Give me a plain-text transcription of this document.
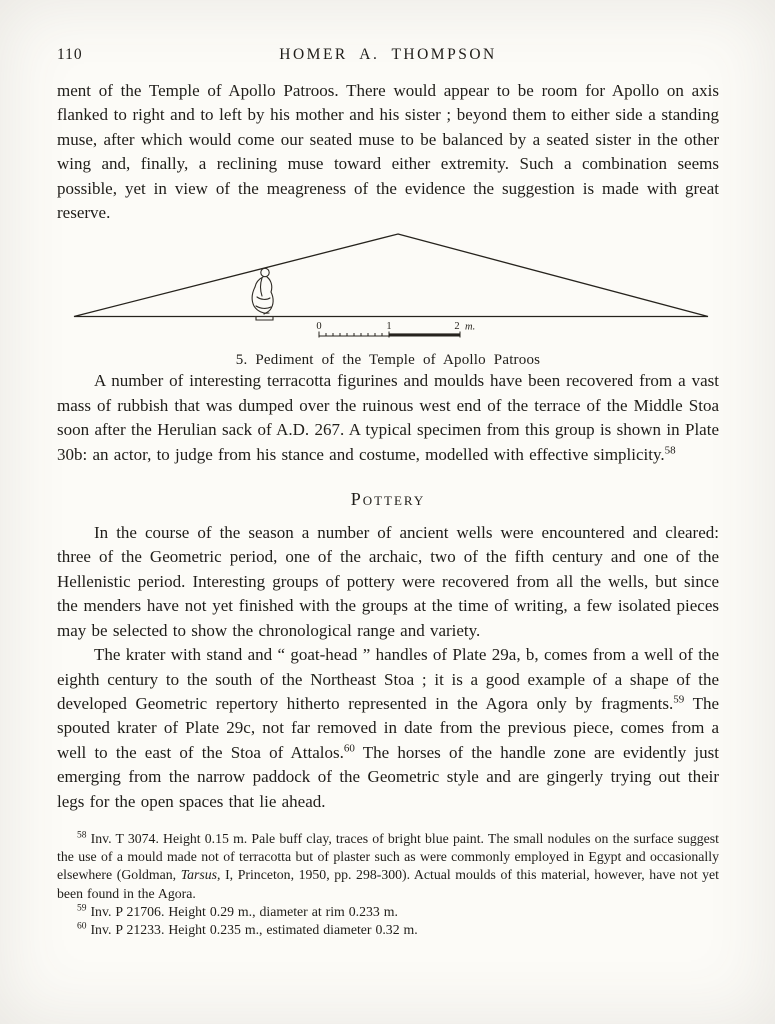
110	HOMER A. THOMPSON

ment of the Temple of Apollo Patroos. There would appear to be room for Apollo on axis flanked to right and to left by his mother and his sister ; beyond them to either side a standing muse, after which would come our seated muse to be balanced by a seated sister in the other wing and, finally, a reclining muse toward either extremity. Such a combination seems possible, yet in view of the meagreness of the evidence the suggestion is made with great reserve.

0	1	2 m.
5. Pediment of the Temple of Apollo Patroos

A number of interesting terracotta figurines and moulds have been recovered from a vast mass of rubbish that was dumped over the ruinous west end of the terrace of the Middle Stoa soon after the Herulian sack of A.D. 267. A typical specimen from this group is shown in Plate 30b: an actor, to judge from his stance and costume, modelled with effective simplicity.$^{58}$

Pottery

In the course of the season a number of ancient wells were encountered and cleared: three of the Geometric period, one of the archaic, two of the fifth century and one of the Hellenistic period. Interesting groups of pottery were recovered from all the wells, but since the menders have not yet finished with the groups at the time of writing, a few isolated pieces may be selected to show the chronological range and variety.

The krater with stand and “ goat-head ” handles of Plate 29a, b, comes from a well of the eighth century to the south of the Northeast Stoa ; it is a good example of a shape of the developed Geometric repertory hitherto represented in the Agora only by fragments.$^{59}$ The spouted krater of Plate 29c, not far removed in date from the previous piece, comes from a well to the east of the Stoa of Attalos.$^{60}$ The horses of the handle zone are evidently just emerging from the narrow paddock of the Geometric style and are gingerly trying out their legs for the open spaces that lie ahead.

$^{58}$ Inv. T 3074. Height 0.15 m. Pale buff clay, traces of bright blue paint. The small nodules on the surface suggest the use of a mould made not of terracotta but of plaster such as were commonly employed in Egypt and occasionally elsewhere (Goldman, Tarsus, I, Princeton, 1950, pp. 298-300). Actual moulds of this material, however, have not yet been found in the Agora.

$^{59}$ Inv. P 21706. Height 0.29 m., diameter at rim 0.233 m.

$^{60}$ Inv. P 21233. Height 0.235 m., estimated diameter 0.32 m.
